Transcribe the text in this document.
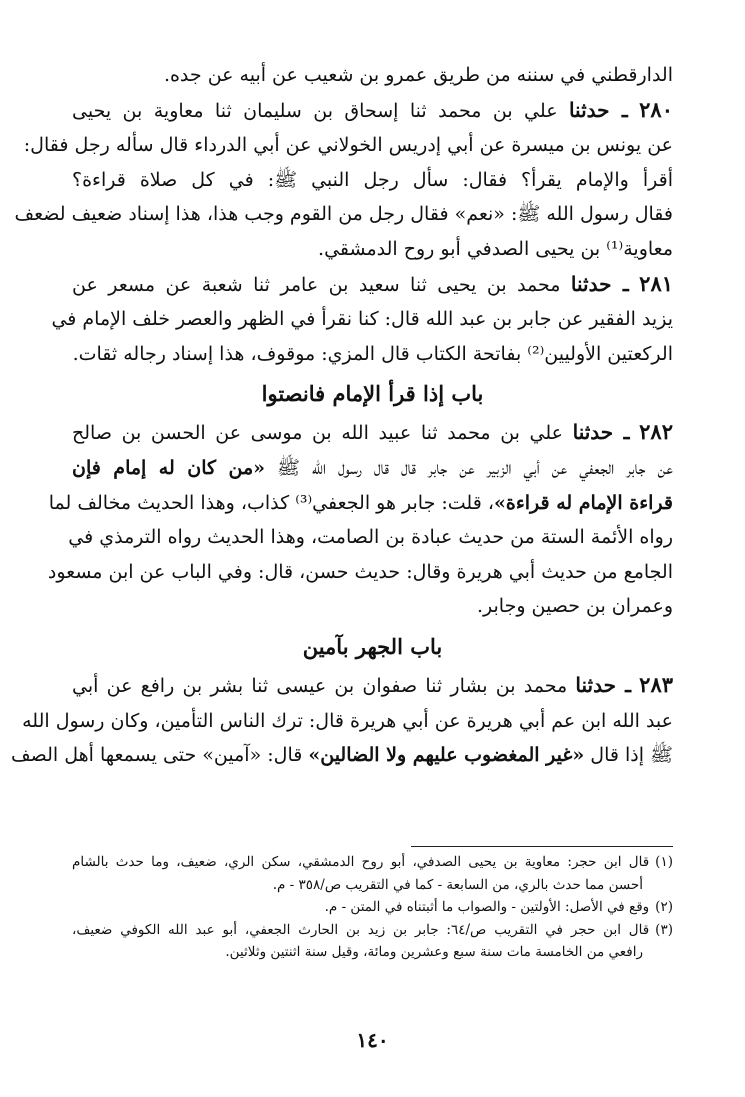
الدارقطني في سننه من طريق عمرو بن شعيب عن أبيه عن جده.
٢٨٠ ـ حدثنا علي بن محمد ثنا إسحاق بن سليمان ثنا معاوية بن يحيى
عن يونس بن ميسرة عن أبي إدريس الخولاني عن أبي الدرداء قال سأله رجل فقال:
أقرأ والإمام يقرأ؟ فقال: سأل رجل النبي ﷺ: في كل صلاة قراءة؟
فقال رسول الله ﷺ: «نعم» فقال رجل من القوم وجب هذا، هذا إسناد ضعيف لضعف
معاوية⁽¹⁾ بن يحيى الصدفي أبو روح الدمشقي.
٢٨١ ـ حدثنا محمد بن يحيى ثنا سعيد بن عامر ثنا شعبة عن مسعر عن
يزيد الفقير عن جابر بن عبد الله قال: كنا نقرأ في الظهر والعصر خلف الإمام في
الركعتين الأوليين⁽²⁾ بفاتحة الكتاب قال المزي: موقوف، هذا إسناد رجاله ثقات.
باب إذا قرأ الإمام فانصتوا
٢٨٢ ـ حدثنا علي بن محمد ثنا عبيد الله بن موسى عن الحسن بن صالح
عن جابر الجعفي عن أبي الزبير عن جابر قال قال رسول الله ﷺ «من كان له إمام فإن
قراءة الإمام له قراءة»، قلت: جابر هو الجعفي⁽³⁾ كذاب، وهذا الحديث مخالف لما
رواه الأئمة الستة من حديث عبادة بن الصامت، وهذا الحديث رواه الترمذي في
الجامع من حديث أبي هريرة وقال: حديث حسن، قال: وفي الباب عن ابن مسعود
وعمران بن حصين وجابر.
باب الجهر بآمين
٢٨٣ ـ حدثنا محمد بن بشار ثنا صفوان بن عيسى ثنا بشر بن رافع عن أبي
عبد الله ابن عم أبي هريرة عن أبي هريرة قال: ترك الناس التأمين، وكان رسول الله
ﷺ إذا قال «غير المغضوب عليهم ولا الضالين» قال: «آمين» حتى يسمعها أهل الصف
(١)قال ابن حجر: معاوية بن يحيى الصدفي، أبو روح الدمشقي، سكن الري، ضعيف، وما حدث بالشام
أحسن مما حدث بالري، من السابعة - كما في التقريب ص/٣٥٨ - م.
(٢)وقع في الأصل: الأولتين - والصواب ما أثبتناه في المتن - م.
(٣)قال ابن حجر في التقريب ص/٦٤: جابر بن زيد بن الحارث الجعفي، أبو عبد الله الكوفي ضعيف،
رافعي من الخامسة مات سنة سبع وعشرين ومائة، وقيل سنة اثنتين وثلاثين.
١٤٠
